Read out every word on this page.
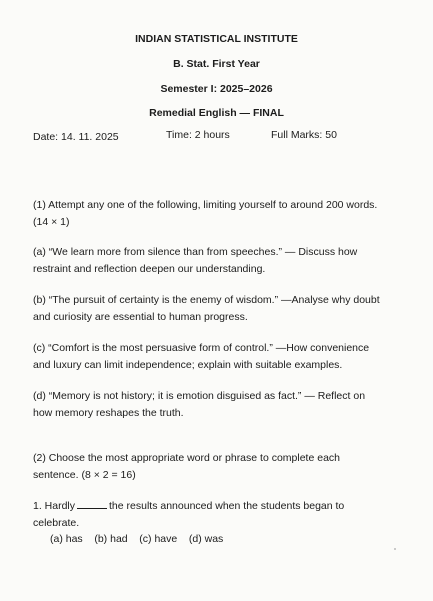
INDIAN STATISTICAL INSTITUTE
B. Stat. First Year
Semester I: 2025–2026
Remedial English — FINAL
Date: 14. 11. 2025	Time: 2 hours	Full Marks: 50
(1) Attempt any one of the following, limiting yourself to around 200 words.
(14 × 1)
(a) “We learn more from silence than from speeches.” — Discuss how
restraint and reflection deepen our understanding.
(b) “The pursuit of certainty is the enemy of wisdom.” —Analyse why doubt
and curiosity are essential to human progress.
(c) “Comfort is the most persuasive form of control.” —How convenience
and luxury can limit independence; explain with suitable examples.
(d) “Memory is not history; it is emotion disguised as fact.” — Reflect on
how memory reshapes the truth.
(2) Choose the most appropriate word or phrase to complete each
sentence. (8 × 2 = 16)
1. Hardly	the results announced when the students began to
celebrate.
(a) has    (b) had    (c) have    (d) was
